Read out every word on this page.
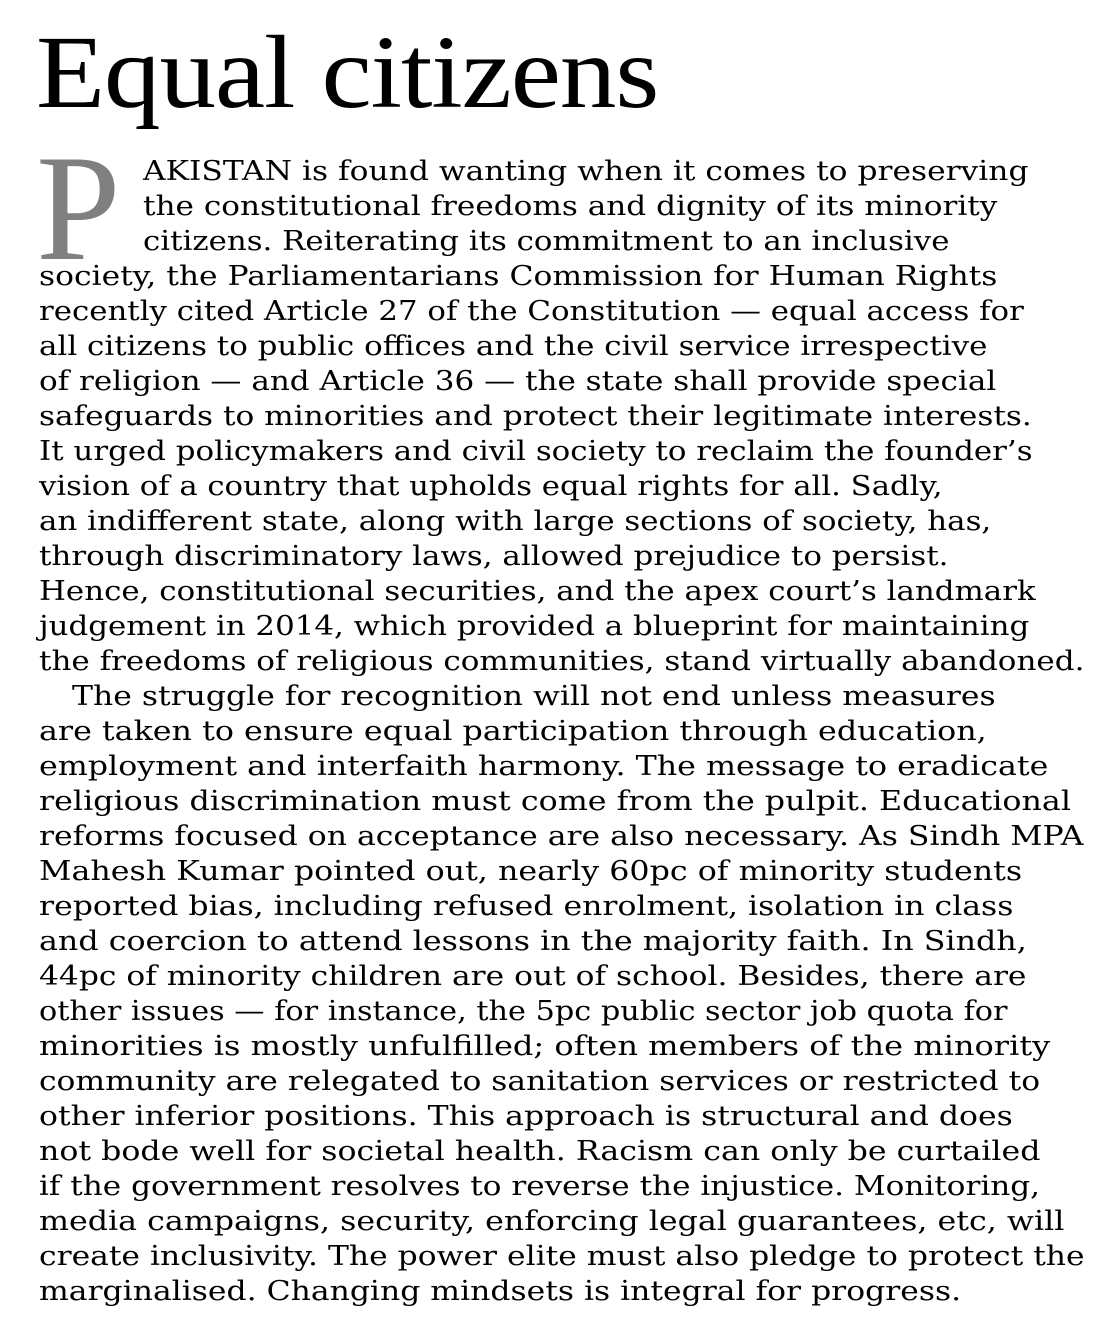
Equal citizens
P AKISTAN is found wanting when it comes to preserving
the constitutional freedoms and dignity of its minority
citizens. Reiterating its commitment to an inclusive
society, the Parliamentarians Commission for Human Rights
recently cited Article 27 of the Constitution — equal access for
all citizens to public offices and the civil service irrespective
of religion — and Article 36 — the state shall provide special
safeguards to minorities and protect their legitimate interests.
It urged policymakers and civil society to reclaim the founder’s
vision of a country that upholds equal rights for all. Sadly,
an indifferent state, along with large sections of society, has,
through discriminatory laws, allowed prejudice to persist.
Hence, constitutional securities, and the apex court’s landmark
judgement in 2014, which provided a blueprint for maintaining
the freedoms of religious communities, stand virtually abandoned.
The struggle for recognition will not end unless measures
are taken to ensure equal participation through education,
employment and interfaith harmony. The message to eradicate
religious discrimination must come from the pulpit. Educational
reforms focused on acceptance are also necessary. As Sindh MPA
Mahesh Kumar pointed out, nearly 60pc of minority students
reported bias, including refused enrolment, isolation in class
and coercion to attend lessons in the majority faith. In Sindh,
44pc of minority children are out of school. Besides, there are
other issues — for instance, the 5pc public sector job quota for
minorities is mostly unfulfilled; often members of the minority
community are relegated to sanitation services or restricted to
other inferior positions. This approach is structural and does
not bode well for societal health. Racism can only be curtailed
if the government resolves to reverse the injustice. Monitoring,
media campaigns, security, enforcing legal guarantees, etc, will
create inclusivity. The power elite must also pledge to protect the
marginalised. Changing mindsets is integral for progress.
